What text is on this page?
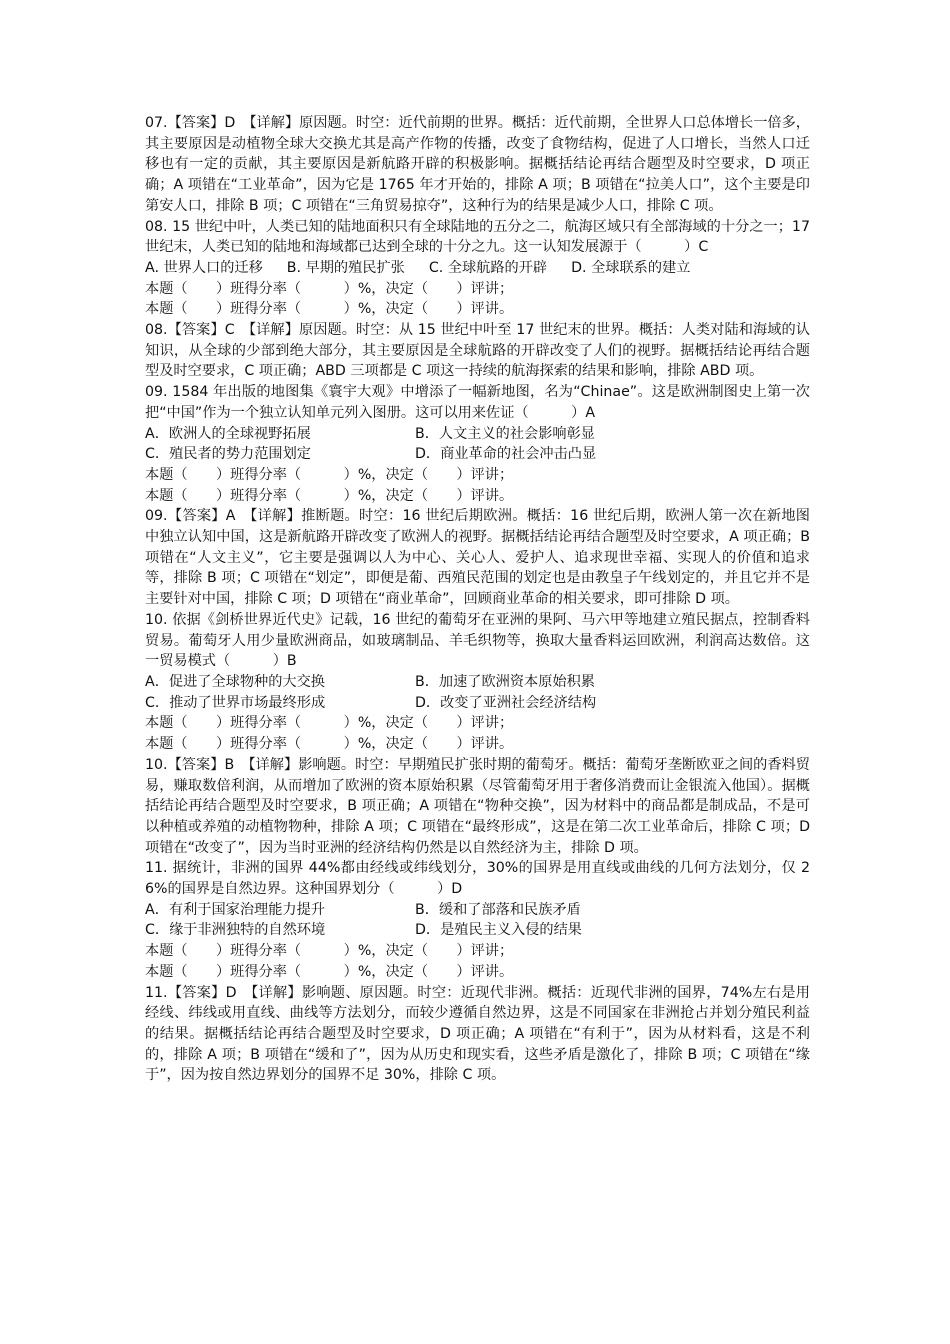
07.【答案】D　【详解】原因题。时空：近代前期的世界。概括：近代前期，全世界人口总体增长一倍多，其主要原因是动植物全球大交换尤其是高产作物的传播，改变了食物结构，促进了人口增长，当然人口迁移也有一定的贡献，其主要原因是新航路开辟的积极影响。据概括结论再结合题型及时空要求，D 项正确；A 项错在“工业革命”，因为它是 1765 年才开始的，排除 A 项；B 项错在“拉美人口”，这个主要是印第安人口，排除 B 项；C 项错在“三角贸易掠夺”，这种行为的结果是减少人口，排除 C 项。
08. 15 世纪中叶，人类已知的陆地面积只有全球陆地的五分之二，航海区域只有全部海域的十分之一；17 世纪末，人类已知的陆地和海域都已达到全球的十分之九。这一认知发展源于（　　　）C
A. 世界人口的迁移 B. 早期的殖民扩张 C. 全球航路的开辟 D. 全球联系的建立
本题（　　）班得分率（　　　）%，决定（　　）评讲；
本题（　　）班得分率（　　　）%，决定（　　）评讲。
08.【答案】C　【详解】原因题。时空：从 15 世纪中叶至 17 世纪末的世界。概括：人类对陆和海域的认知识，从全球的少部到绝大部分，其主要原因是全球航路的开辟改变了人们的视野。据概括结论再结合题型及时空要求，C 项正确；ABD 三项都是 C 项这一持续的航海探索的结果和影响，排除 ABD 项。
09. 1584 年出版的地图集《寰宇大观》中增添了一幅新地图，名为“Chinae”。这是欧洲制图史上第一次把“中国”作为一个独立认知单元列入图册。这可以用来佐证（　　　）A
A．欧洲人的全球视野拓展	B．人文主义的社会影响彰显
C．殖民者的势力范围划定	D．商业革命的社会冲击凸显
本题（　　）班得分率（　　　）%，决定（　　）评讲；
本题（　　）班得分率（　　　）%，决定（　　）评讲。
09.【答案】A　【详解】推断题。时空：16 世纪后期欧洲。概括：16 世纪后期，欧洲人第一次在新地图中独立认知中国，这是新航路开辟改变了欧洲人的视野。据概括结论再结合题型及时空要求，A 项正确；B 项错在“人文主义”，它主要是强调以人为中心、关心人、爱护人、追求现世幸福、实现人的价值和追求等，排除 B 项；C 项错在“划定”，即便是葡、西殖民范围的划定也是由教皇子午线划定的，并且它并不是主要针对中国，排除 C 项；D 项错在“商业革命”，回顾商业革命的相关要求，即可排除 D 项。
10. 依据《剑桥世界近代史》记载，16 世纪的葡萄牙在亚洲的果阿、马六甲等地建立殖民据点，控制香料贸易。葡萄牙人用少量欧洲商品，如玻璃制品、羊毛织物等，换取大量香料运回欧洲，利润高达数倍。这一贸易模式（　　　）B
A．促进了全球物种的大交换	B．加速了欧洲资本原始积累
C．推动了世界市场最终形成	D．改变了亚洲社会经济结构
本题（　　）班得分率（　　　）%，决定（　　）评讲；
本题（　　）班得分率（　　　）%，决定（　　）评讲。
10.【答案】B　【详解】影响题。时空：早期殖民扩张时期的葡萄牙。概括：葡萄牙垄断欧亚之间的香料贸易，赚取数倍利润，从而增加了欧洲的资本原始积累（尽管葡萄牙用于奢侈消费而让金银流入他国）。据概括结论再结合题型及时空要求，B 项正确；A 项错在“物种交换”，因为材料中的商品都是制成品，不是可以种植或养殖的动植物物种，排除 A 项；C 项错在“最终形成”，这是在第二次工业革命后，排除 C 项；D 项错在“改变了”，因为当时亚洲的经济结构仍然是以自然经济为主，排除 D 项。
11. 据统计，非洲的国界 44%都由经线或纬线划分，30%的国界是用直线或曲线的几何方法划分，仅 26%的国界是自然边界。这种国界划分（　　　）D
A．有利于国家治理能力提升	B．缓和了部落和民族矛盾
C．缘于非洲独特的自然环境	D．是殖民主义入侵的结果
本题（　　）班得分率（　　　）%，决定（　　）评讲；
本题（　　）班得分率（　　　）%，决定（　　）评讲。
11.【答案】D　【详解】影响题、原因题。时空：近现代非洲。概括：近现代非洲的国界，74%左右是用经线、纬线或用直线、曲线等方法划分，而较少遵循自然边界，这是不同国家在非洲抢占并划分殖民利益的结果。据概括结论再结合题型及时空要求，D 项正确；A 项错在“有利于”，因为从材料看，这是不利的，排除 A 项；B 项错在“缓和了”，因为从历史和现实看，这些矛盾是激化了，排除 B 项；C 项错在“缘于”，因为按自然边界划分的国界不足 30%，排除 C 项。
